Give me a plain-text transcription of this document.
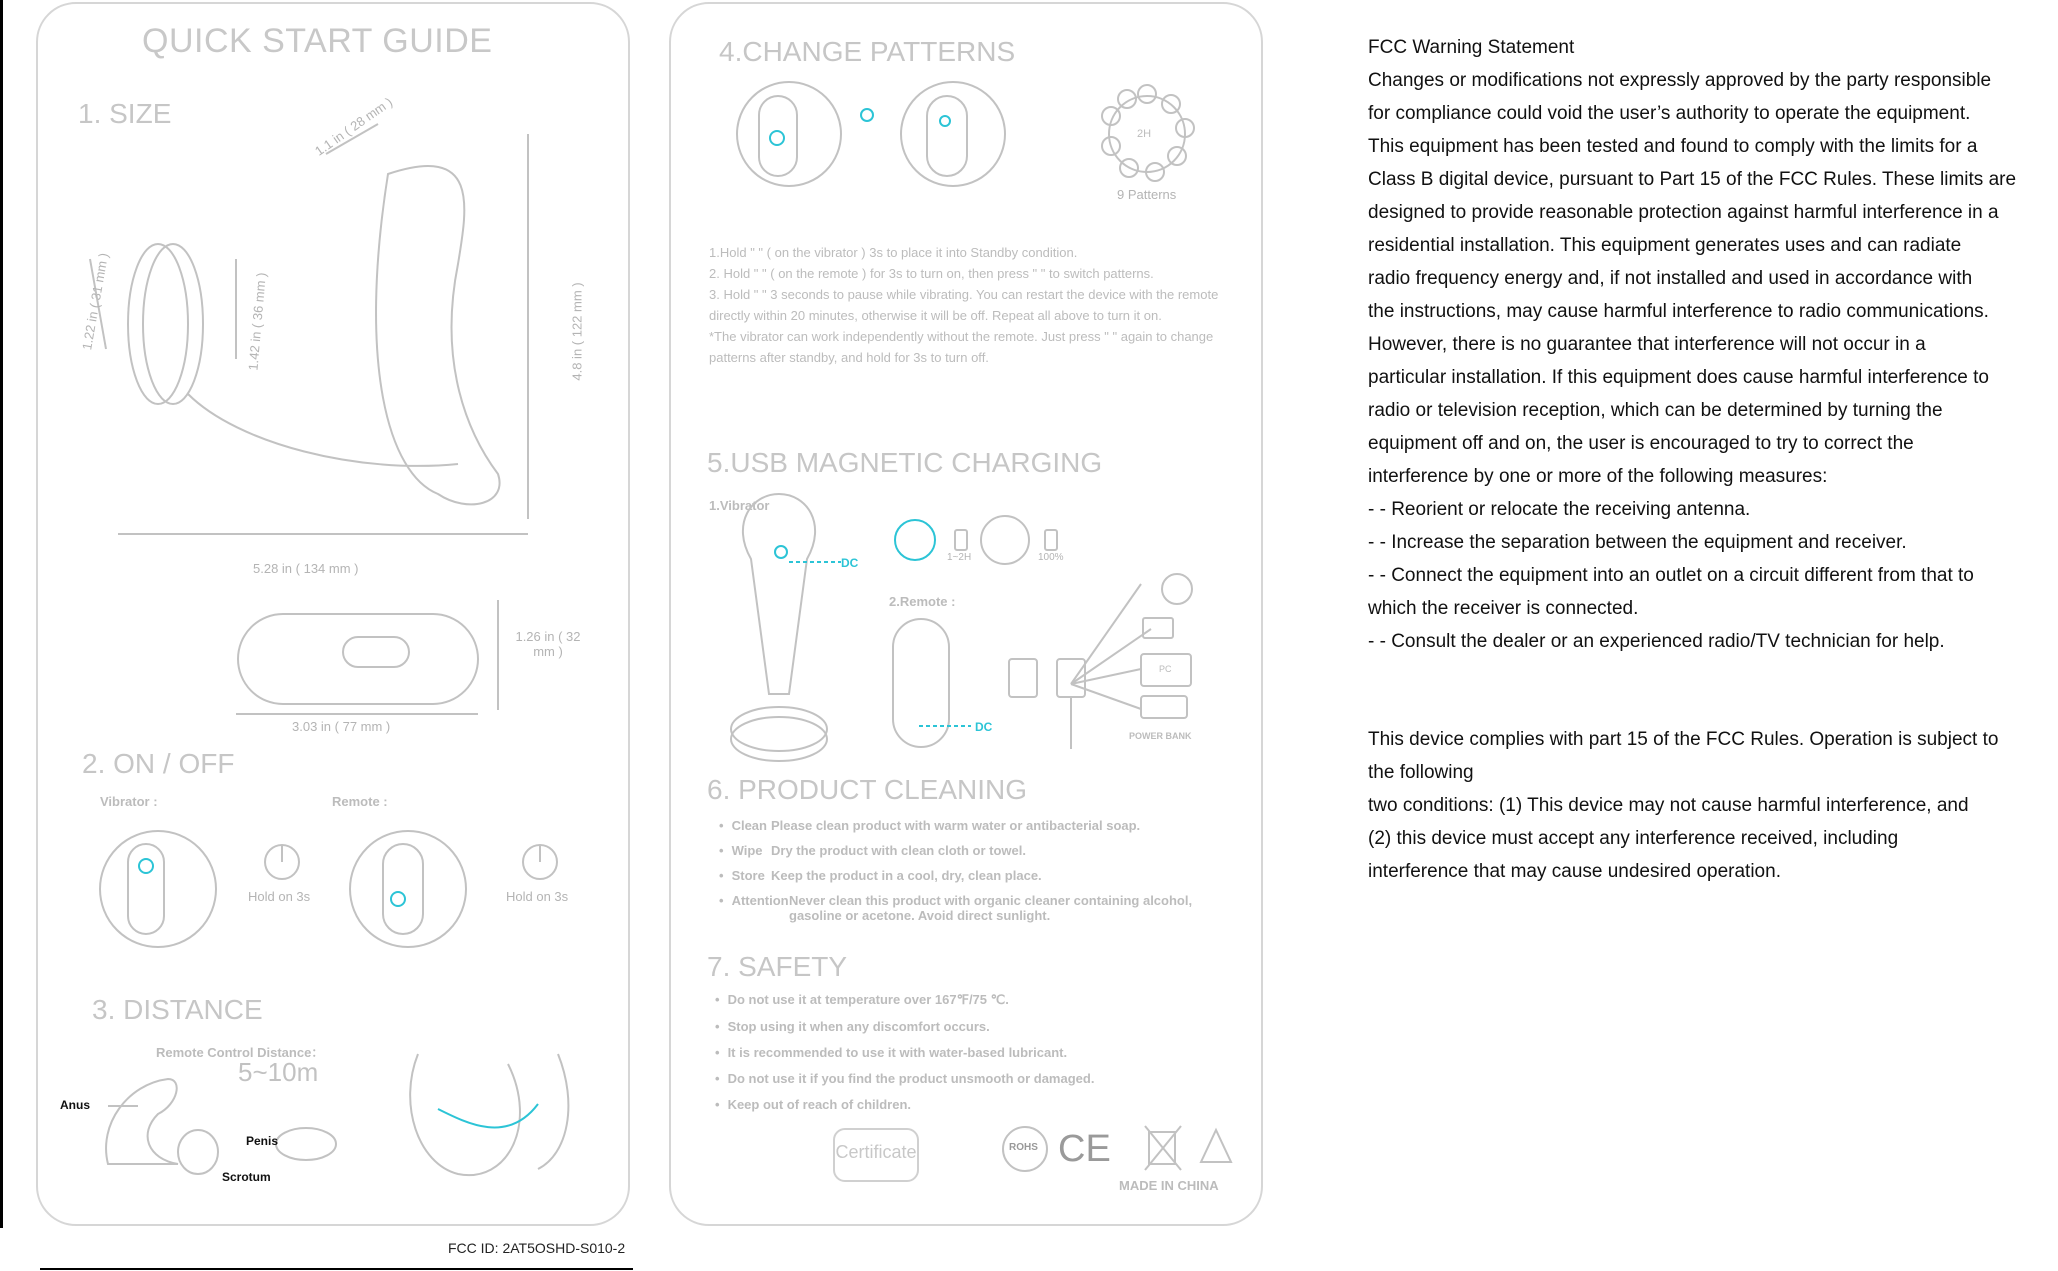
QUICK START GUIDE
1. SIZE	1.1 in ( 28 mm )
1.22 in ( 31 mm )	1.42 in ( 36 mm )	4.8 in ( 122 mm )
5.28 in ( 134 mm )
1.26 in ( 32 mm )
3.03 in ( 77 mm )
2. ON / OFF
Vibrator :	Remote :
Hold on 3s	Hold on 3s
3. DISTANCE
Remote Control Distance：
5~10m
Anus
Penis
Scrotum
4.CHANGE PATTERNS
2H
9 Patterns
1.Hold " " ( on the vibrator ) 3s to place it into Standby condition.
2. Hold " " ( on the remote ) for 3s to turn on, then press " " to switch patterns.
3. Hold " " 3 seconds to pause while vibrating. You can restart the device with the remote directly within 20 minutes, otherwise it will be off. Repeat all above to turn it on.
*The vibrator can work independently without the remote. Just press " " again to change patterns after standby, and hold for 3s to turn off.
5.USB MAGNETIC CHARGING
1.Vibrator
2.Remote :
DC
DC
1~2H	100%
PC
POWER BANK
6. PRODUCT CLEANING
• Clean Please clean product with warm water or antibacterial soap.
• Wipe Dry the product with clean cloth or towel.
• Store Keep the product in a cool, dry, clean place.
• Attention Never clean this product with organic cleaner containing alcohol, gasoline or acetone. Avoid direct sunlight.
7. SAFETY
• Do not use it at temperature over 167℉/75 ℃.
• Stop using it when any discomfort occurs.
• It is recommended to use it with water-based lubricant.
• Do not use it if you find the product unsmooth or damaged.
• Keep out of reach of children.
Certificate	ROHS CE
MADE IN CHINA
FCC ID: 2AT5OSHD-S010-2
FCC Warning Statement
Changes or modifications not expressly approved by the party responsible
for compliance could void the user’s authority to operate the equipment.
This equipment has been tested and found to comply with the limits for a
Class B digital device, pursuant to Part 15 of the FCC Rules. These limits are
designed to provide reasonable protection against harmful interference in a
residential installation. This equipment generates uses and can radiate
radio frequency energy and, if not installed and used in accordance with
the instructions, may cause harmful interference to radio communications.
However, there is no guarantee that interference will not occur in a
particular installation. If this equipment does cause harmful interference to
radio or television reception, which can be determined by turning the
equipment off and on, the user is encouraged to try to correct the
interference by one or more of the following measures:
- - Reorient or relocate the receiving antenna.
- - Increase the separation between the equipment and receiver.
- - Connect the equipment into an outlet on a circuit different from that to
which the receiver is connected.
- - Consult the dealer or an experienced radio/TV technician for help.
This device complies with part 15 of the FCC Rules. Operation is subject to
the following
two conditions: (1) This device may not cause harmful interference, and
(2) this device must accept any interference received, including
interference that may cause undesired operation.
